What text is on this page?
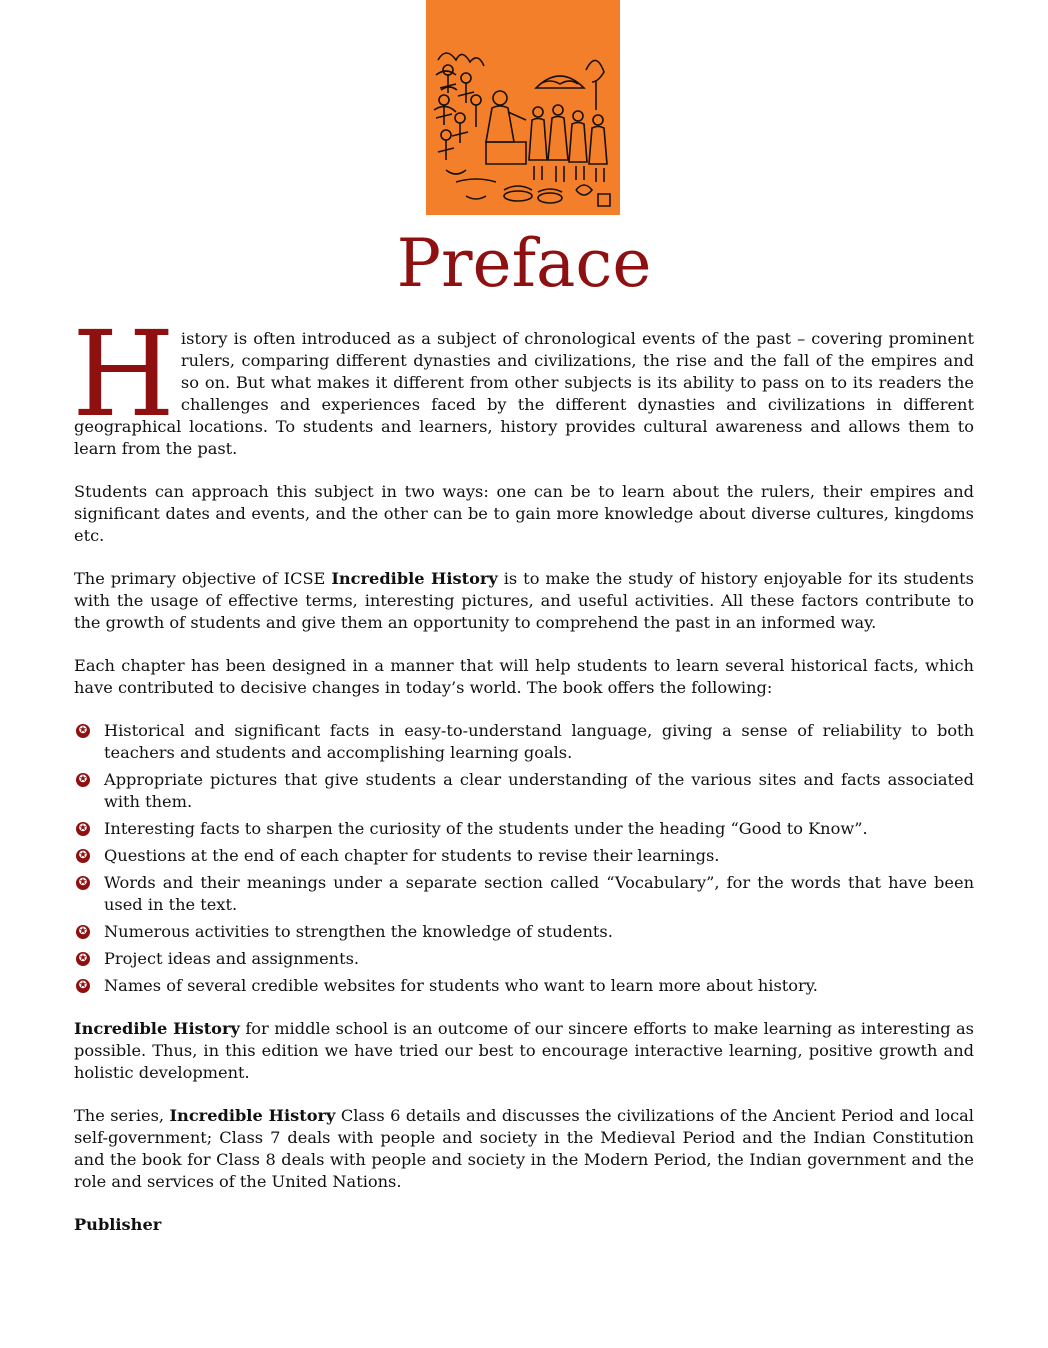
Preface

History is often introduced as a subject of chronological events of the past – covering prominent rulers, comparing different dynasties and civilizations, the rise and the fall of the empires and so on. But what makes it different from other subjects is its ability to pass on to its readers the challenges and experiences faced by the different dynasties and civilizations in different geographical locations. To students and learners, history provides cultural awareness and allows them to learn from the past.

Students can approach this subject in two ways: one can be to learn about the rulers, their empires and significant dates and events, and the other can be to gain more knowledge about diverse cultures, kingdoms etc.

The primary objective of ICSE Incredible History is to make the study of history enjoyable for its students with the usage of effective terms, interesting pictures, and useful activities. All these factors contribute to the growth of students and give them an opportunity to comprehend the past in an informed way.

Each chapter has been designed in a manner that will help students to learn several historical facts, which have contributed to decisive changes in today’s world. The book offers the following:

✪ Historical and significant facts in easy-to-understand language, giving a sense of reliability to both teachers and students and accomplishing learning goals.
✪ Appropriate pictures that give students a clear understanding of the various sites and facts associated with them.
✪ Interesting facts to sharpen the curiosity of the students under the heading “Good to Know”.
✪ Questions at the end of each chapter for students to revise their learnings.
✪ Words and their meanings under a separate section called “Vocabulary”, for the words that have been used in the text.
✪ Numerous activities to strengthen the knowledge of students.
✪ Project ideas and assignments.
✪ Names of several credible websites for students who want to learn more about history.

Incredible History for middle school is an outcome of our sincere efforts to make learning as interesting as possible. Thus, in this edition we have tried our best to encourage interactive learning, positive growth and holistic development.

The series, Incredible History Class 6 details and discusses the civilizations of the Ancient Period and local self-government; Class 7 deals with people and society in the Medieval Period and the Indian Constitution and the book for Class 8 deals with people and society in the Modern Period, the Indian government and the role and services of the United Nations.

Publisher
